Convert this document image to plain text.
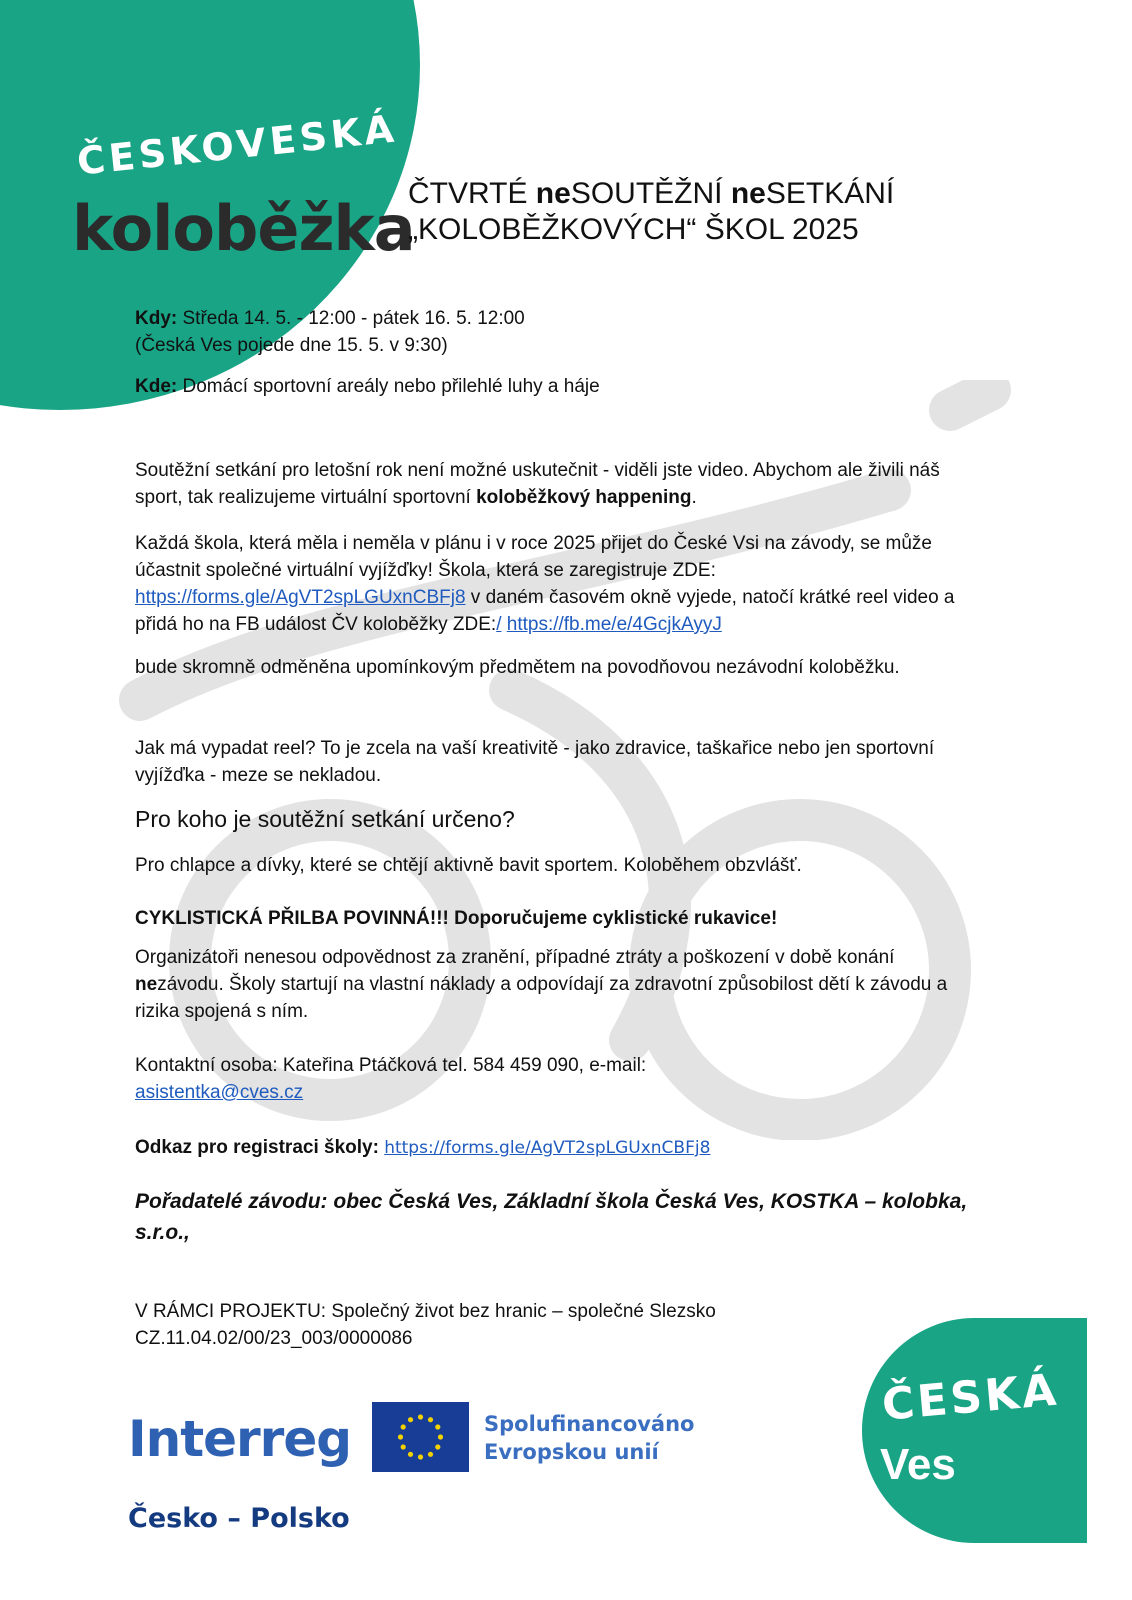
ČESKOVESKÁ
koloběžka
ČTVRTÉ neSOUTĚŽNÍ neSETKÁNÍ
„KOLOBĚŽKOVÝCH“ ŠKOL 2025
Kdy: Středa 14. 5. - 12:00 - pátek 16. 5. 12:00
(Česká Ves pojede dne 15. 5. v 9:30)
Kde: Domácí sportovní areály nebo přilehlé luhy a háje
Soutěžní setkání pro letošní rok není možné uskutečnit - viděli jste video. Abychom ale živili náš sport, tak realizujeme virtuální sportovní koloběžkový happening.
Každá škola, která měla i neměla v plánu i v roce 2025 přijet do České Vsi na závody, se může účastnit společné virtuální vyjížďky! Škola, která se zaregistruje ZDE:
https://forms.gle/AgVT2spLGUxnCBFj8 v daném časovém okně vyjede, natočí krátké reel video a přidá ho na FB událost ČV koloběžky ZDE:/ https://fb.me/e/4GcjkAyyJ
bude skromně odměněna upomínkovým předmětem na povodňovou nezávodní koloběžku.
Jak má vypadat reel? To je zcela na vaší kreativitě - jako zdravice, taškařice nebo jen sportovní vyjížďka - meze se nekladou.
Pro koho je soutěžní setkání určeno?
Pro chlapce a dívky, které se chtějí aktivně bavit sportem. Koloběhem obzvlášť.
CYKLISTICKÁ PŘILBA POVINNÁ!!! Doporučujeme cyklistické rukavice!
Organizátoři nenesou odpovědnost za zranění, případné ztráty a poškození v době konání nezávodu. Školy startují na vlastní náklady a odpovídají za zdravotní způsobilost dětí k závodu a rizika spojená s ním.
Kontaktní osoba: Kateřina Ptáčková tel. 584 459 090, e-mail:
asistentka@cves.cz
Odkaz pro registraci školy: https://forms.gle/AgVT2spLGUxnCBFj8
Pořadatelé závodu: obec Česká Ves, Základní škola Česká Ves, KOSTKA – kolobka, s.r.o.,
V RÁMCI PROJEKTU: Společný život bez hranic – společné Slezsko
CZ.11.04.02/00/23_003/0000086
Interreg
Česko – Polsko
Spolufinancováno
Evropskou unií
ČESKÁ
Ves
